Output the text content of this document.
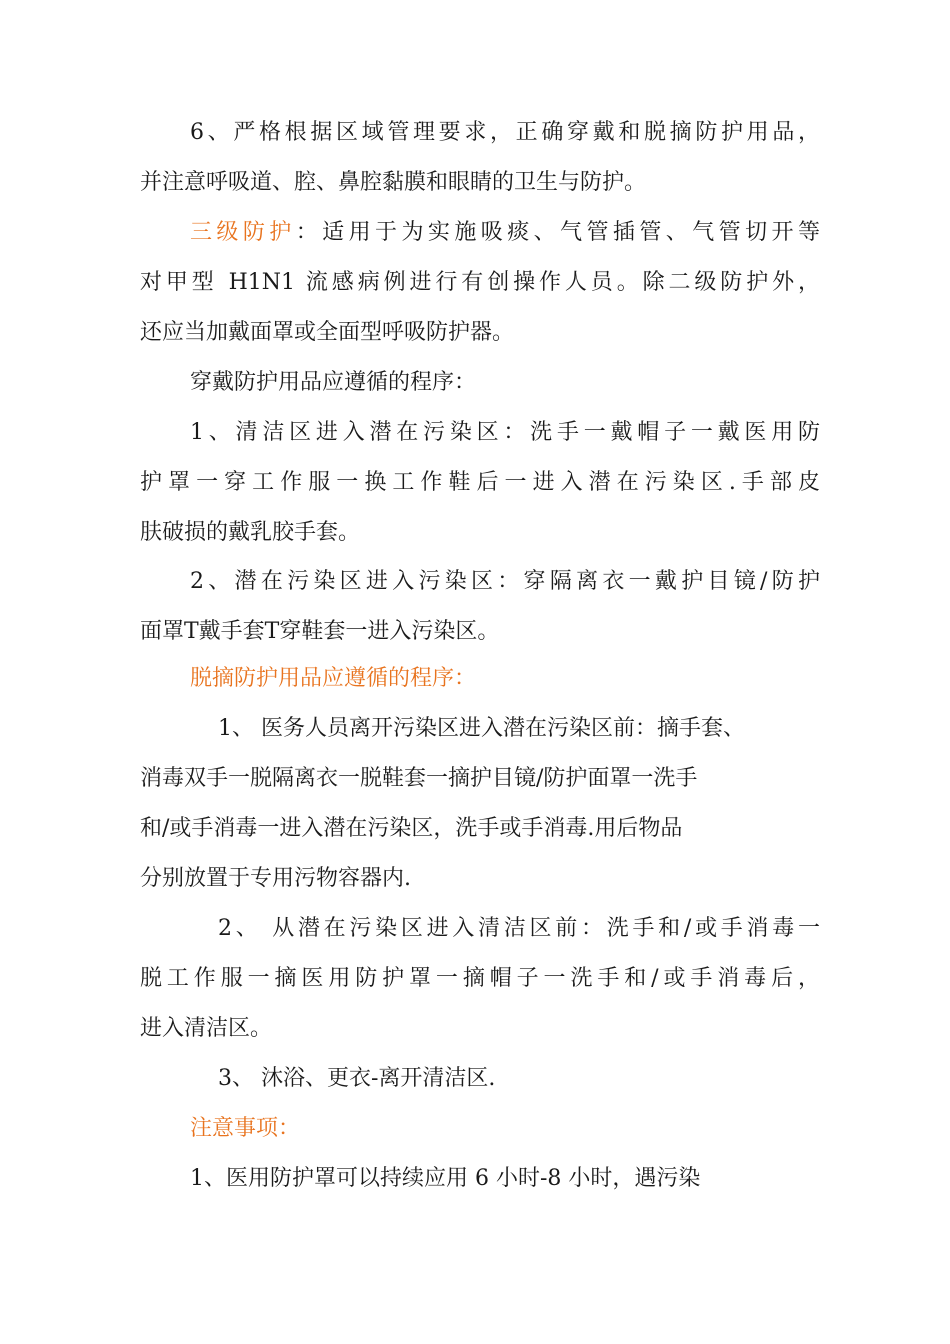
6、严格根据区域管理要求，正确穿戴和脱摘防护用品，
并注意呼吸道、腔、鼻腔黏膜和眼睛的卫生与防护。
三级防护：适用于为实施吸痰、气管插管、气管切开等
对甲型 H1N1 流感病例进行有创操作人员。除二级防护外，
还应当加戴面罩或全面型呼吸防护器。
穿戴防护用品应遵循的程序：
1、清洁区进入潜在污染区：洗手一戴帽子一戴医用防
护罩一穿工作服一换工作鞋后一进入潜在污染区.手部皮
肤破损的戴乳胶手套。
2、潜在污染区进入污染区：穿隔离衣一戴护目镜/防护
面罩T戴手套T穿鞋套一进入污染区。
脱摘防护用品应遵循的程序：
1、 医务人员离开污染区进入潜在污染区前：摘手套、
消毒双手一脱隔离衣一脱鞋套一摘护目镜/防护面罩一洗手
和/或手消毒一进入潜在污染区，洗手或手消毒.用后物品
分别放置于专用污物容器内.
2、 从潜在污染区进入清洁区前：洗手和/或手消毒一
脱工作服一摘医用防护罩一摘帽子一洗手和/或手消毒后，
进入清洁区。
3、 沐浴、更衣-离开清洁区.
注意事项：
1、医用防护罩可以持续应用 6 小时-8 小时，遇污染
